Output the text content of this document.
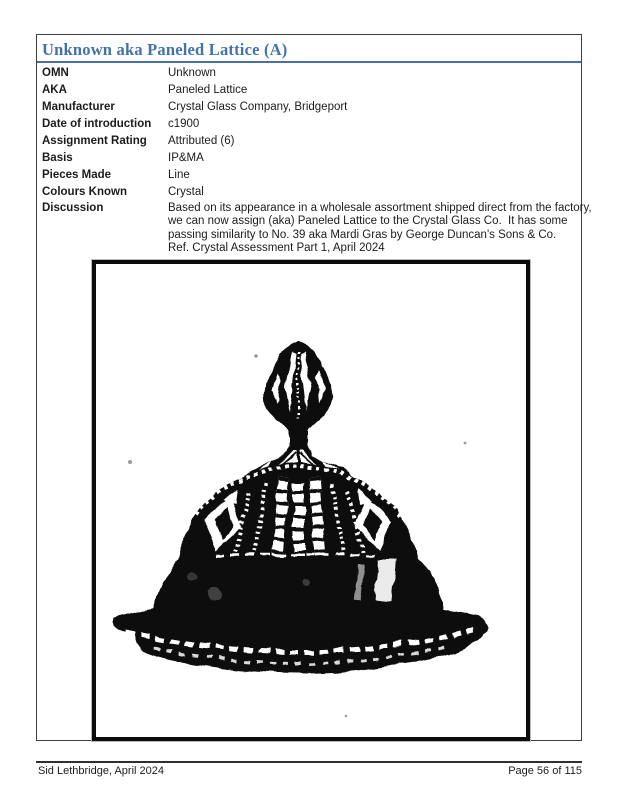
Unknown aka Paneled Lattice (A)
OMN	Unknown
AKA	Paneled Lattice
Manufacturer	Crystal Glass Company, Bridgeport
Date of introduction	c1900
Assignment Rating	Attributed (6)
Basis	IP&MA
Pieces Made	Line
Colours Known	Crystal
Discussion	Based on its appearance in a wholesale assortment shipped direct from the factory,
we can now assign (aka) Paneled Lattice to the Crystal Glass Co.  It has some
passing similarity to No. 39 aka Mardi Gras by George Duncan's Sons & Co.
Ref. Crystal Assessment Part 1, April 2024
Sid Lethbridge, April 2024	Page 56 of 115
